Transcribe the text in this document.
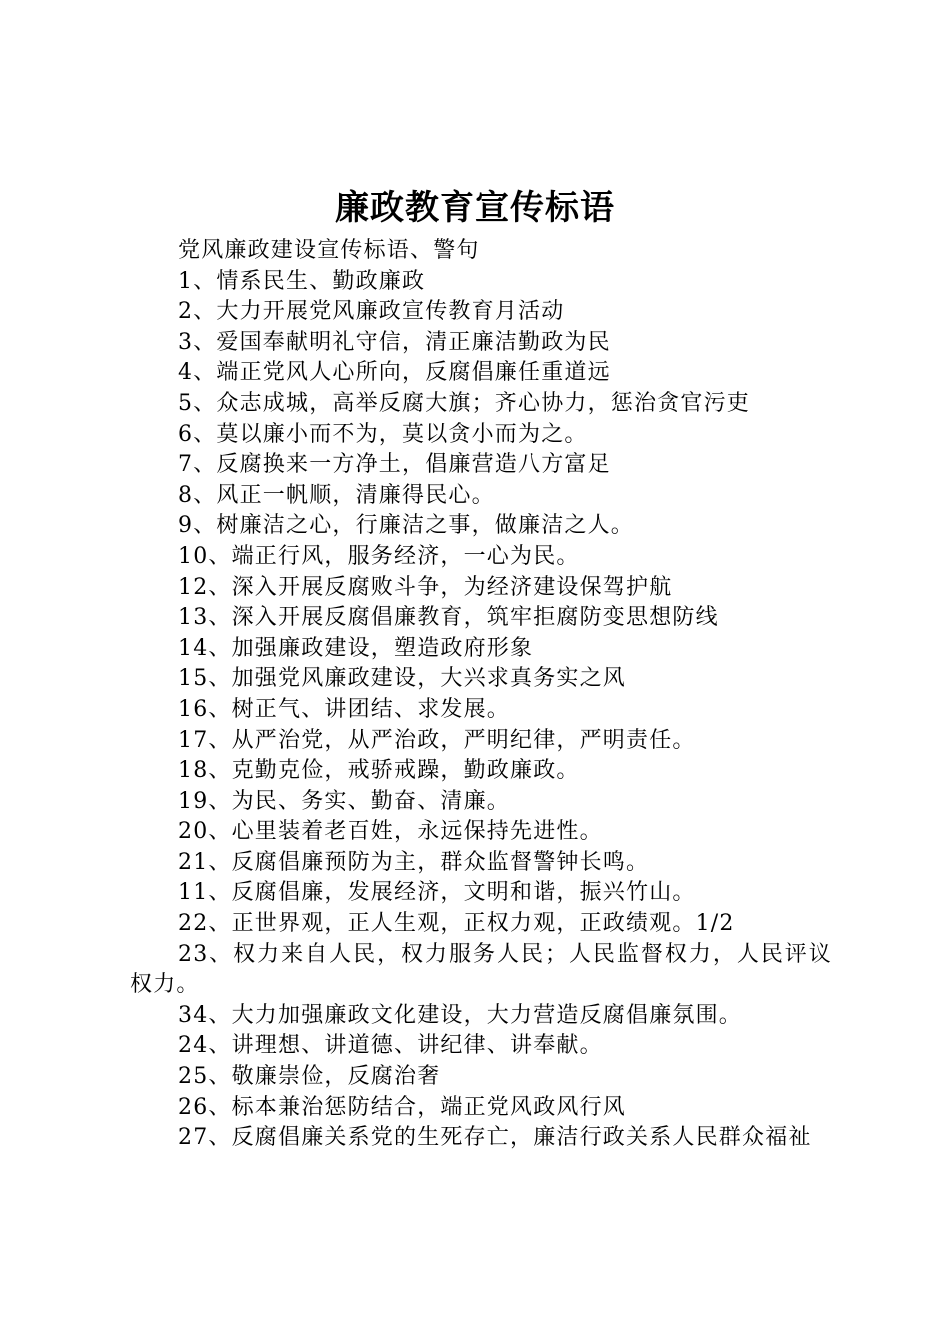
廉政教育宣传标语

党风廉政建设宣传标语、警句

1、情系民生、勤政廉政

2、大力开展党风廉政宣传教育月活动

3、爱国奉献明礼守信，清正廉洁勤政为民

4、端正党风人心所向，反腐倡廉任重道远

5、众志成城，高举反腐大旗；齐心协力，惩治贪官污吏

6、莫以廉小而不为，莫以贪小而为之。

7、反腐换来一方净土，倡廉营造八方富足

8、风正一帆顺，清廉得民心。

9、树廉洁之心，行廉洁之事，做廉洁之人。

10、端正行风，服务经济，一心为民。

12、深入开展反腐败斗争，为经济建设保驾护航

13、深入开展反腐倡廉教育，筑牢拒腐防变思想防线

14、加强廉政建设，塑造政府形象

15、加强党风廉政建设，大兴求真务实之风

16、树正气、讲团结、求发展。

17、从严治党，从严治政，严明纪律，严明责任。

18、克勤克俭，戒骄戒躁，勤政廉政。

19、为民、务实、勤奋、清廉。

20、心里装着老百姓，永远保持先进性。

21、反腐倡廉预防为主，群众监督警钟长鸣。

11、反腐倡廉，发展经济，文明和谐，振兴竹山。

22、正世界观，正人生观，正权力观，正政绩观。1/2

23、权力来自人民，权力服务人民；人民监督权力，人民评议权力。

34、大力加强廉政文化建设，大力营造反腐倡廉氛围。

24、讲理想、讲道德、讲纪律、讲奉献。

25、敬廉崇俭，反腐治奢

26、标本兼治惩防结合，端正党风政风行风

27、反腐倡廉关系党的生死存亡，廉洁行政关系人民群众福祉
